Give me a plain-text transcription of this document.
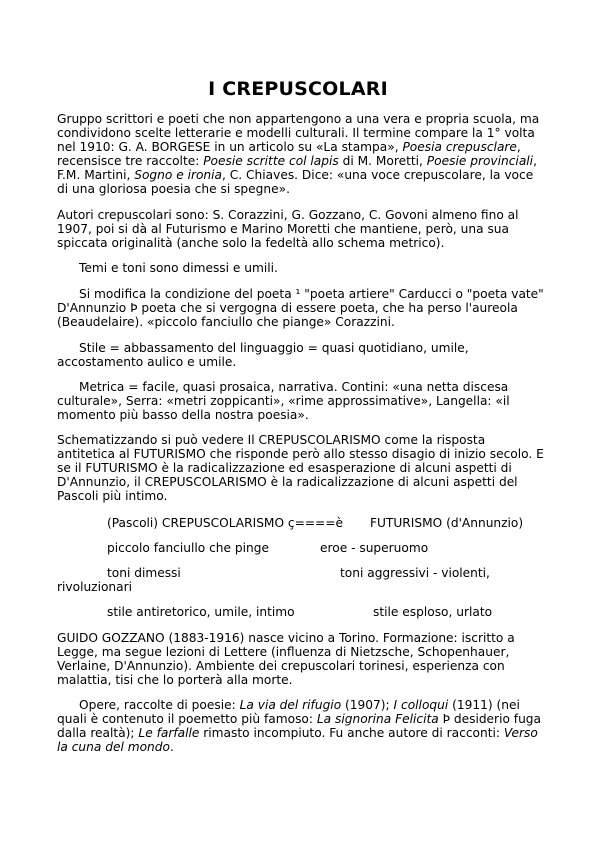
I CREPUSCOLARI

Gruppo scrittori e poeti che non appartengono a una vera e propria scuola, ma condividono scelte letterarie e modelli culturali. Il termine compare la 1° volta nel 1910: G. A. BORGESE in un articolo su «La stampa», Poesia crepusclare, recensisce tre raccolte: Poesie scritte col lapis di M. Moretti, Poesie provinciali, F.M. Martini, Sogno e ironia, C. Chiaves. Dice: «una voce crepuscolare, la voce di una gloriosa poesia che si spegne».

Autori crepuscolari sono: S. Corazzini, G. Gozzano, C. Govoni almeno fino al 1907, poi si dà al Futurismo e Marino Moretti che mantiene, però, una sua spiccata originalità (anche solo la fedeltà allo schema metrico).

Temi e toni sono dimessi e umili.

Si modifica la condizione del poeta ¹ "poeta artiere" Carducci o "poeta vate" D'Annunzio Þ poeta che si vergogna di essere poeta, che ha perso l'aureola (Beaudelaire). «piccolo fanciullo che piange» Corazzini.

Stile = abbassamento del linguaggio = quasi quotidiano, umile, accostamento aulico e umile.

Metrica = facile, quasi prosaica, narrativa. Contini: «una netta discesa culturale», Serra: «metri zoppicanti», «rime approssimative», Langella: «il momento più basso della nostra poesia».

Schematizzando si può vedere Il CREPUSCOLARISMO come la risposta antitetica al FUTURISMO che risponde però allo stesso disagio di inizio secolo. E se il FUTURISMO è la radicalizzazione ed esasperazione di alcuni aspetti di D'Annunzio, il CREPUSCOLARISMO è la radicalizzazione di alcuni aspetti del Pascoli più intimo.

(Pascoli) CREPUSCOLARISMO ç====è FUTURISMO (d'Annunzio)
piccolo fanciullo che pinge	eroe - superuomo
toni dimessi	toni aggressivi - violenti,
rivoluzionari
stile antiretorico, umile, intimo	stile esploso, urlato

GUIDO GOZZANO (1883-1916) nasce vicino a Torino. Formazione: iscritto a Legge, ma segue lezioni di Lettere (influenza di Nietzsche, Schopenhauer, Verlaine, D'Annunzio). Ambiente dei crepuscolari torinesi, esperienza con malattia, tisi che lo porterà alla morte.

Opere, raccolte di poesie: La via del rifugio (1907); I colloqui (1911) (nei quali è contenuto il poemetto più famoso: La signorina Felicita Þ desiderio fuga dalla realtà); Le farfalle rimasto incompiuto. Fu anche autore di racconti: Verso la cuna del mondo.
